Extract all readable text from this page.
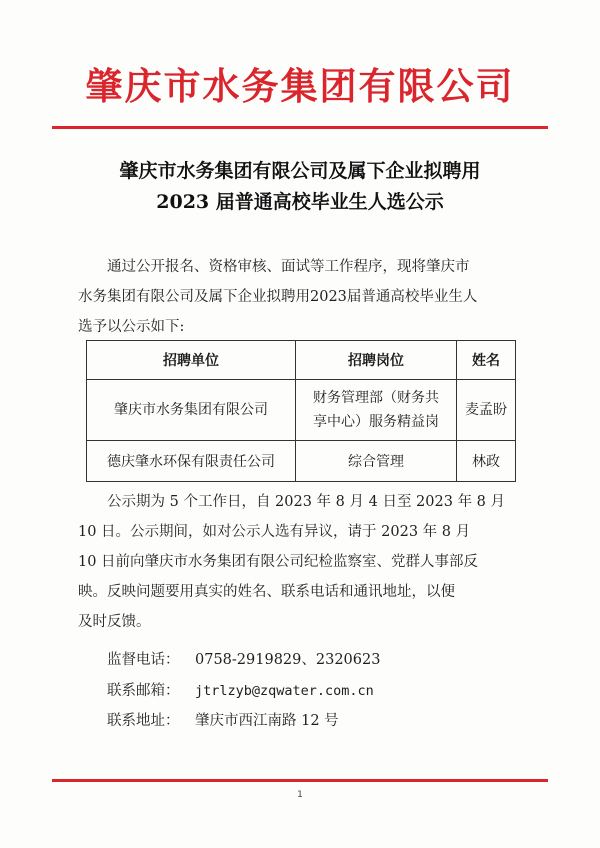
肇庆市水务集团有限公司
肇庆市水务集团有限公司及属下企业拟聘用
2023 届普通高校毕业生人选公示

通过公开报名、资格审核、面试等工作程序，现将肇庆市

水务集团有限公司及属下企业拟聘用2023届普通高校毕业生人

选予以公示如下:

招聘单位	招聘岗位	姓名
肇庆市水务集团有限公司	财务管理部（财务共
享中心）服务精益岗	麦孟盼
德庆肇水环保有限责任公司	综合管理	林政

公示期为 5 个工作日，自 2023 年 8 月 4 日至 2023 年 8 月

10 日。公示期间，如对公示人选有异议，请于 2023 年 8 月

10 日前向肇庆市水务集团有限公司纪检监察室、党群人事部反

映。反映问题要用真实的姓名、联系电话和通讯地址，以便

及时反馈。

监督电话： 0758-2919829、2320623
联系邮箱： jtrlzyb@zqwater.com.cn
联系地址： 肇庆市西江南路 12 号
1
